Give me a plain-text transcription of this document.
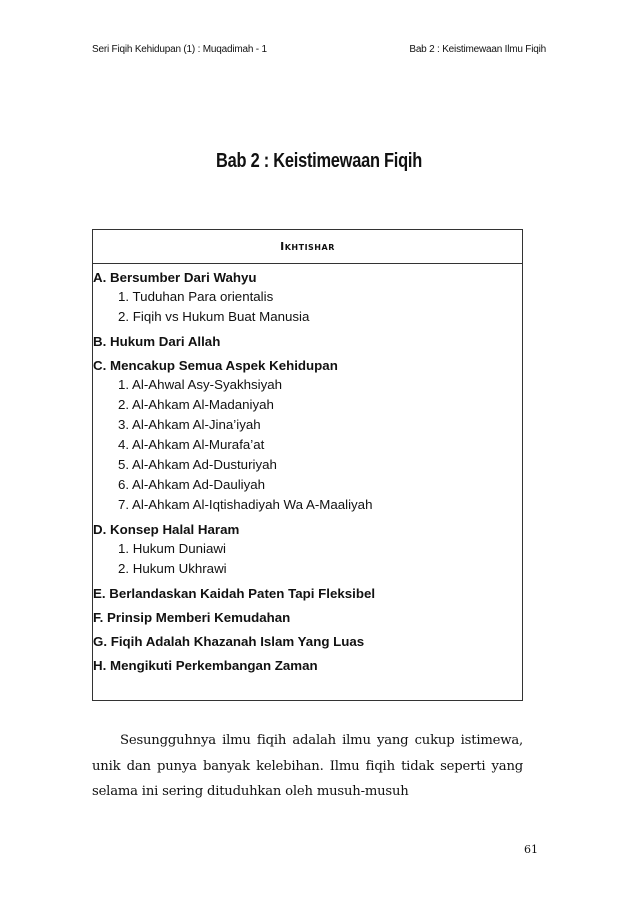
Seri Fiqih Kehidupan (1) : Muqadimah - 1	Bab 2 : Keistimewaan Ilmu Fiqih
Bab 2 : Keistimewaan Fiqih
Ikhtishar
A. Bersumber Dari Wahyu
1. Tuduhan Para orientalis
2. Fiqih vs Hukum Buat Manusia
B. Hukum Dari Allah
C. Mencakup Semua Aspek Kehidupan
1. Al-Ahwal Asy-Syakhsiyah
2. Al-Ahkam Al-Madaniyah
3. Al-Ahkam Al-Jina’iyah
4. Al-Ahkam Al-Murafa’at
5. Al-Ahkam Ad-Dusturiyah
6. Al-Ahkam Ad-Dauliyah
7. Al-Ahkam Al-Iqtishadiyah Wa A-Maaliyah
D. Konsep Halal Haram
1. Hukum Duniawi
2. Hukum Ukhrawi
E. Berlandaskan Kaidah Paten Tapi Fleksibel
F. Prinsip Memberi Kemudahan
G. Fiqih Adalah Khazanah Islam Yang Luas
H. Mengikuti Perkembangan Zaman

Sesungguhnya ilmu fiqih adalah ilmu yang cukup istimewa, unik dan punya banyak kelebihan. Ilmu fiqih tidak seperti yang selama ini sering dituduhkan oleh musuh-musuh

61
